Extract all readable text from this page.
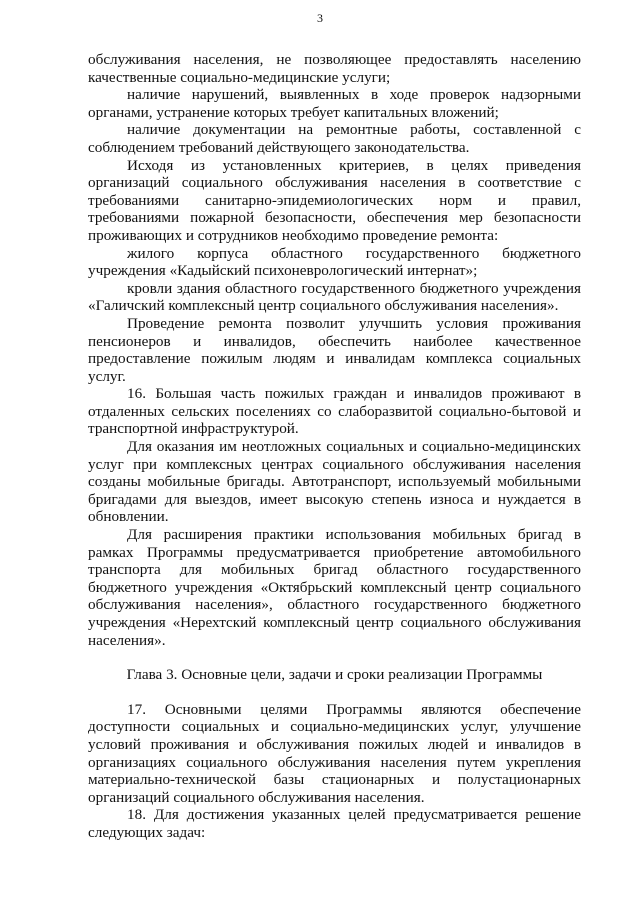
3

обслуживания населения, не позволяющее предоставлять населению качественные социально-медицинские услуги;

наличие нарушений, выявленных в ходе проверок надзорными органами, устранение которых требует капитальных вложений;

наличие документации на ремонтные работы, составленной с соблюдением требований действующего законодательства.

Исходя из установленных критериев, в целях приведения организаций социального обслуживания населения в соответствие с требованиями санитарно-эпидемиологических норм и правил, требованиями пожарной безопасности, обеспечения мер безопасности проживающих и сотрудников необходимо проведение ремонта:

жилого корпуса областного государственного бюджетного учреждения «Кадыйский психоневрологический интернат»;

кровли здания областного государственного бюджетного учреждения «Галичский комплексный центр социального обслуживания населения».

Проведение ремонта позволит улучшить условия проживания пенсионеров и инвалидов, обеспечить наиболее качественное предоставление пожилым людям и инвалидам комплекса социальных услуг.

16. Большая часть пожилых граждан и инвалидов проживают в отдаленных сельских поселениях со слаборазвитой социально-бытовой и транспортной инфраструктурой.

Для оказания им неотложных социальных и социально-медицинских услуг при комплексных центрах социального обслуживания населения созданы мобильные бригады. Автотранспорт, используемый мобильными бригадами для выездов, имеет высокую степень износа и нуждается в обновлении.

Для расширения практики использования мобильных бригад в рамках Программы предусматривается приобретение автомобильного транспорта для мобильных бригад областного государственного бюджетного учреждения «Октябрьский комплексный центр социального обслуживания населения», областного государственного бюджетного учреждения «Нерехтский комплексный центр социального обслуживания населения».

Глава 3. Основные цели, задачи и сроки реализации Программы

17. Основными целями Программы являются обеспечение доступности социальных и социально-медицинских услуг, улучшение условий проживания и обслуживания пожилых людей и инвалидов в организациях социального обслуживания населения путем укрепления материально-технической базы стационарных и полустационарных организаций социального обслуживания населения.

18. Для достижения указанных целей предусматривается решение следующих задач:
